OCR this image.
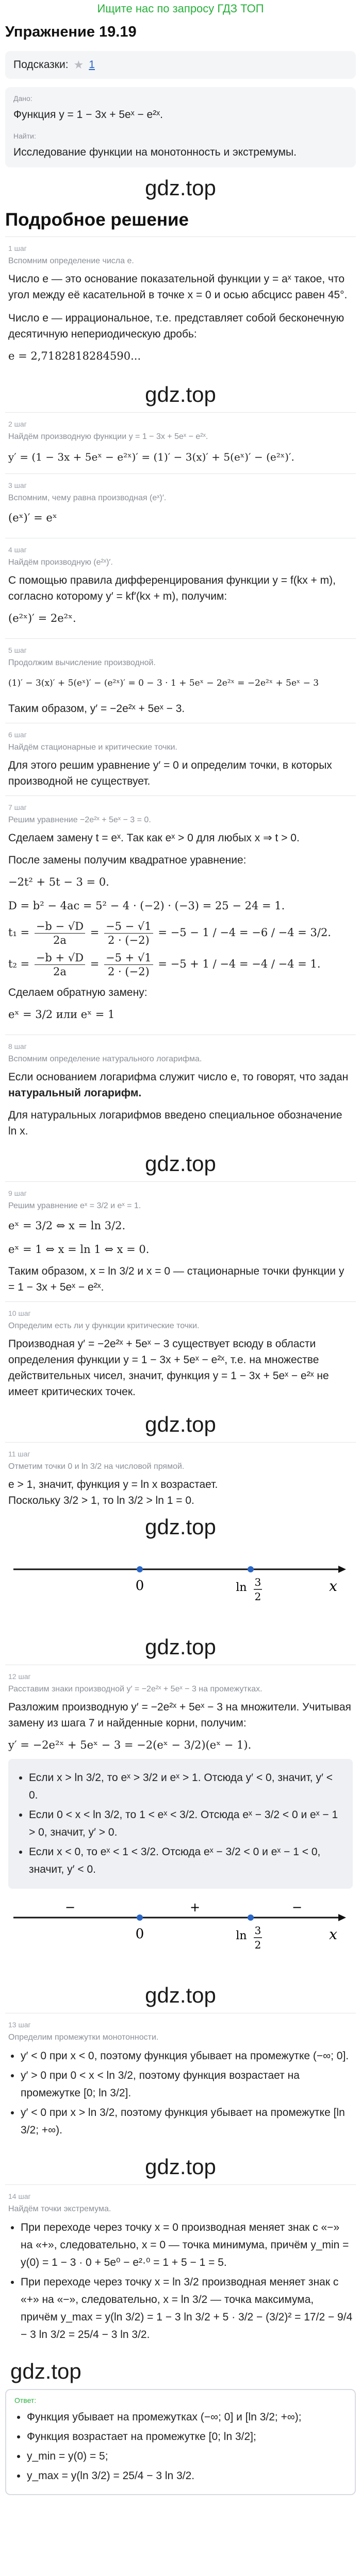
Ищите нас по запросу ГДЗ ТОП
Упражнение 19.19
Подсказки: ★ 1
Дано:
Функция y = 1 − 3x + 5eˣ − e²ˣ.
Найти:
Исследование функции на монотонность и экстремумы.
gdz.top
Подробное решение
1 шаг
Вспомним определение числа e.
Число e — это основание показательной функции y = aˣ такое, что угол между её касательной в точке x = 0 и осью абсцисс равен 45°.
Число e — иррациональное, т.е. представляет собой бесконечную десятичную непериодическую дробь:
e = 2,7182818284590...
gdz.top
2 шаг
Найдём производную функции y = 1 − 3x + 5eˣ − e²ˣ.
y′ = (1 − 3x + 5eˣ − e²ˣ)′ = (1)′ − 3(x)′ + 5(eˣ)′ − (e²ˣ)′.
3 шаг
Вспомним, чему равна производная (eˣ)′.
(eˣ)′ = eˣ
4 шаг
Найдём производную (e²ˣ)′.
С помощью правила дифференцирования функции y = f(kx + m), согласно которому y′ = kf′(kx + m), получим:
(e²ˣ)′ = 2e²ˣ.
5 шаг
Продолжим вычисление производной.
(1)′ − 3(x)′ + 5(eˣ)′ − (e²ˣ)′ = 0 − 3 · 1 + 5eˣ − 2e²ˣ = −2e²ˣ + 5eˣ − 3
Таким образом, y′ = −2e²ˣ + 5eˣ − 3.
6 шаг
Найдём стационарные и критические точки.
Для этого решим уравнение y′ = 0 и определим точки, в которых производной не существует.
7 шаг
Решим уравнение −2e²ˣ + 5eˣ − 3 = 0.
Сделаем замену t = eˣ. Так как eˣ > 0 для любых x ⇒ t > 0.
После замены получим квадратное уравнение:
−2t² + 5t − 3 = 0.
D = b² − 4ac = 5² − 4 · (−2) · (−3) = 25 − 24 = 1.
$t_1 = \frac{-b - √D}{2a} = \frac{-5 - √1}{2 \cdot (-2)} = -5 - 1 / -4 = -6 / -4 = 3/2$.
$t_2 = \frac{-b + √D}{2a} = \frac{-5 + √1}{2 \cdot (-2)} = -5 + 1 / -4 = -4 / -4 = 1$.
Сделаем обратную замену:
eˣ = 3/2 или eˣ = 1
8 шаг
Вспомним определение натурального логарифма.
Если основанием логарифма служит число e, то говорят, что задан
натуральный логарифм.
Для натуральных логарифмов введено специальное обозначение ln x.
gdz.top
9 шаг
Решим уравнение eˣ = 3/2 и eˣ = 1.
eˣ = 3/2 ⇔ x = ln 3/2.
eˣ = 1 ⇔ x = ln 1 ⇔ x = 0.
Таким образом, x = ln 3/2 и x = 0 — стационарные точки функции y = 1 − 3x + 5eˣ − e²ˣ.
10 шаг
Определим есть ли у функции критические точки.
Производная y′ = −2e²ˣ + 5eˣ − 3 существует всюду в области определения функции y = 1 − 3x + 5eˣ − e²ˣ, т.е. на множестве действительных чисел, значит, функция y = 1 − 3x + 5eˣ − e²ˣ не имеет критических точек.
gdz.top
11 шаг
Отметим точки 0 и ln 3/2 на числовой прямой.
e > 1, значит, функция y = ln x возрастает.
Поскольку 3/2 > 1, то ln 3/2 > ln 1 = 0.
gdz.top
0	ln 3
2
x
gdz.top
12 шаг
Расставим знаки производной y′ = −2e²ˣ + 5eˣ − 3 на промежутках.
Разложим производную y′ = −2e²ˣ + 5eˣ − 3 на множители. Учитывая замену из шага 7 и найденные корни, получим:
y′ = −2e²ˣ + 5eˣ − 3 = −2(eˣ − 3/2)(eˣ − 1).
• Если x > ln 3/2, то eˣ > 3/2 и eˣ > 1. Отсюда y′ < 0, значит, y′ < 0.
• Если 0 < x < ln 3/2, то 1 < eˣ < 3/2. Отсюда eˣ − 3/2 < 0 и eˣ − 1 > 0, значит, y′ > 0.
• Если x < 0, то eˣ < 1 < 3/2. Отсюда eˣ − 3/2 < 0 и eˣ − 1 < 0, значит, y′ < 0.
−	+	−
0	ln 3
2
x
gdz.top
13 шаг
Определим промежутки монотонности.
• y′ < 0 при x < 0, поэтому функция убывает на промежутке (−∞; 0].
• y′ > 0 при 0 < x < ln 3/2, поэтому функция возрастает на промежутке [0; ln 3/2].
• y′ < 0 при x > ln 3/2, поэтому функция убывает на промежутке [ln 3/2; +∞).
gdz.top
14 шаг
Найдём точки экстремума.
• При переходе через точку x = 0 производная меняет знак с «−» на «+», следовательно, x = 0 — точка минимума, причём y_min = y(0) = 1 − 3 · 0 + 5e⁰ − e²·⁰ = 1 + 5 − 1 = 5.
• При переходе через точку x = ln 3/2 производная меняет знак с «+» на «−», следовательно, x = ln 3/2 — точка максимума, причём y_max = y(ln 3/2) = 1 − 3 ln 3/2 + 5 · 3/2 − (3/2)² = 17/2 − 9/4 − 3 ln 3/2 = 25/4 − 3 ln 3/2.
gdz.top
Ответ:
• Функция убывает на промежутках (−∞; 0] и [ln 3/2; +∞);
• Функция возрастает на промежутке [0; ln 3/2];
• y_min = y(0) = 5;
• y_max = y(ln 3/2) = 25/4 − 3 ln 3/2.
